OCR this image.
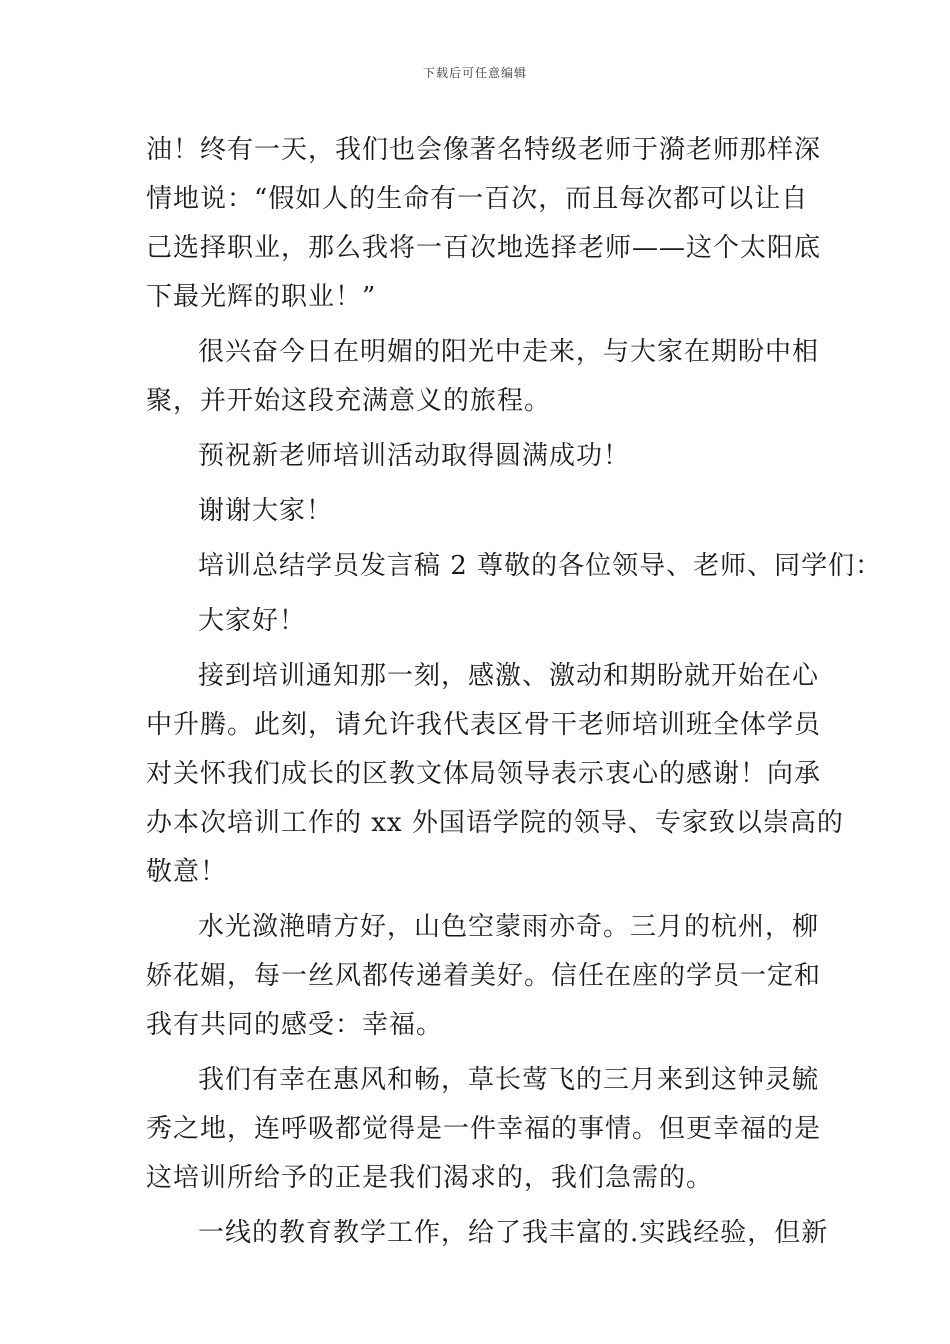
下载后可任意编辑
油！终有一天，我们也会像著名特级老师于漪老师那样深
情地说：“假如人的生命有一百次，而且每次都可以让自
己选择职业，那么我将一百次地选择老师——这个太阳底
下最光辉的职业！”
很兴奋今日在明媚的阳光中走来，与大家在期盼中相
聚，并开始这段充满意义的旅程。
预祝新老师培训活动取得圆满成功！
谢谢大家！
培训总结学员发言稿 2 尊敬的各位领导、老师、同学们：
大家好！
接到培训通知那一刻，感激、激动和期盼就开始在心
中升腾。此刻，请允许我代表区骨干老师培训班全体学员
对关怀我们成长的区教文体局领导表示衷心的感谢！向承
办本次培训工作的 xx 外国语学院的领导、专家致以崇高的
敬意！
水光潋滟晴方好，山色空蒙雨亦奇。三月的杭州，柳
娇花媚，每一丝风都传递着美好。信任在座的学员一定和
我有共同的感受：幸福。
我们有幸在惠风和畅，草长莺飞的三月来到这钟灵毓
秀之地，连呼吸都觉得是一件幸福的事情。但更幸福的是
这培训所给予的正是我们渴求的，我们急需的。
一线的教育教学工作，给了我丰富的.实践经验，但新
